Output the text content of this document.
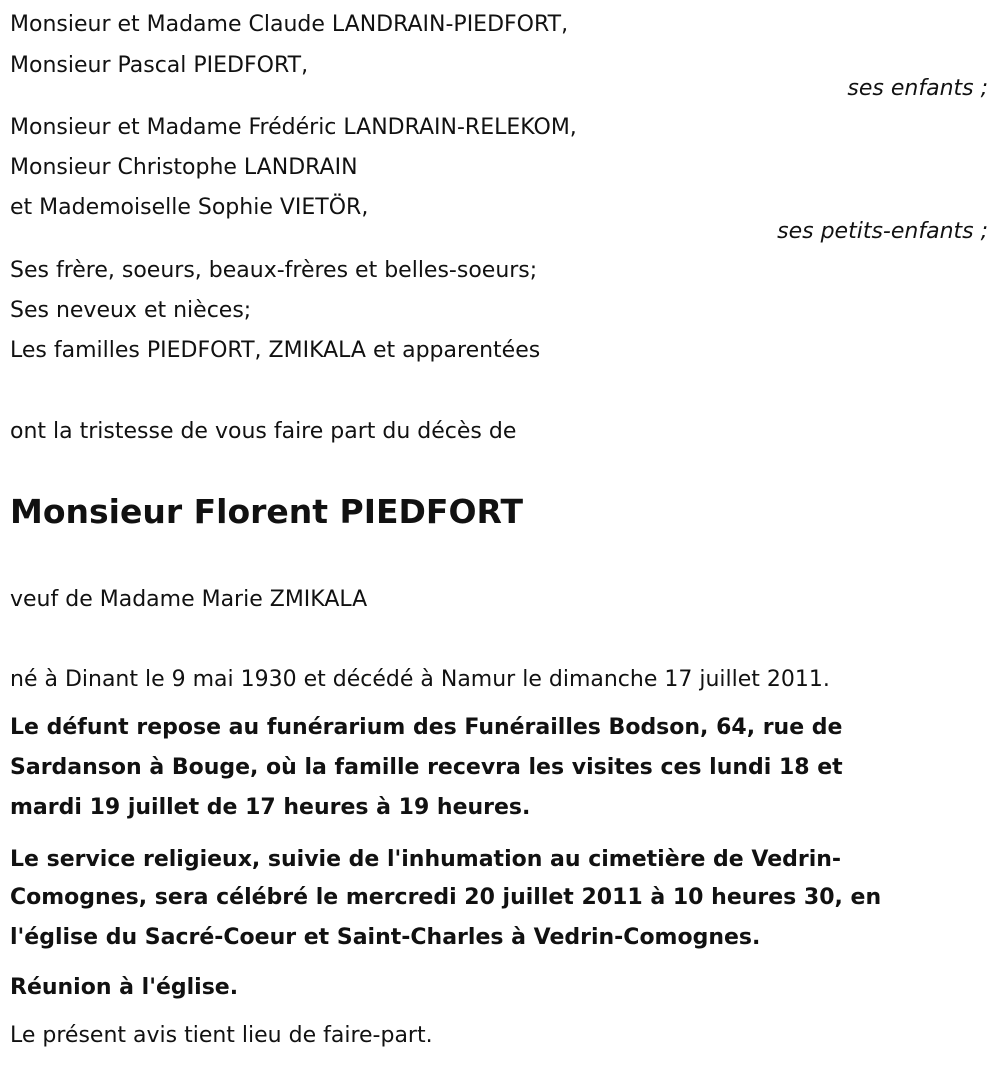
Monsieur et Madame Claude LANDRAIN-PIEDFORT,
Monsieur Pascal PIEDFORT,
ses enfants ;
Monsieur et Madame Frédéric LANDRAIN-RELEKOM,
Monsieur Christophe LANDRAIN
et Mademoiselle Sophie VIETÖR,
ses petits-enfants ;
Ses frère, soeurs, beaux-frères et belles-soeurs;
Ses neveux et nièces;
Les familles PIEDFORT, ZMIKALA et apparentées
ont la tristesse de vous faire part du décès de
Monsieur Florent PIEDFORT
veuf de Madame Marie ZMIKALA
né à Dinant le 9 mai 1930 et décédé à Namur le dimanche 17 juillet 2011.
Le défunt repose au funérarium des Funérailles Bodson, 64, rue de
Sardanson à Bouge, où la famille recevra les visites ces lundi 18 et
mardi 19 juillet de 17 heures à 19 heures.
Le service religieux, suivie de l'inhumation au cimetière de Vedrin-
Comognes, sera célébré le mercredi 20 juillet 2011 à 10 heures 30, en
l'église du Sacré-Coeur et Saint-Charles à Vedrin-Comognes.
Réunion à l'église.
Le présent avis tient lieu de faire-part.
